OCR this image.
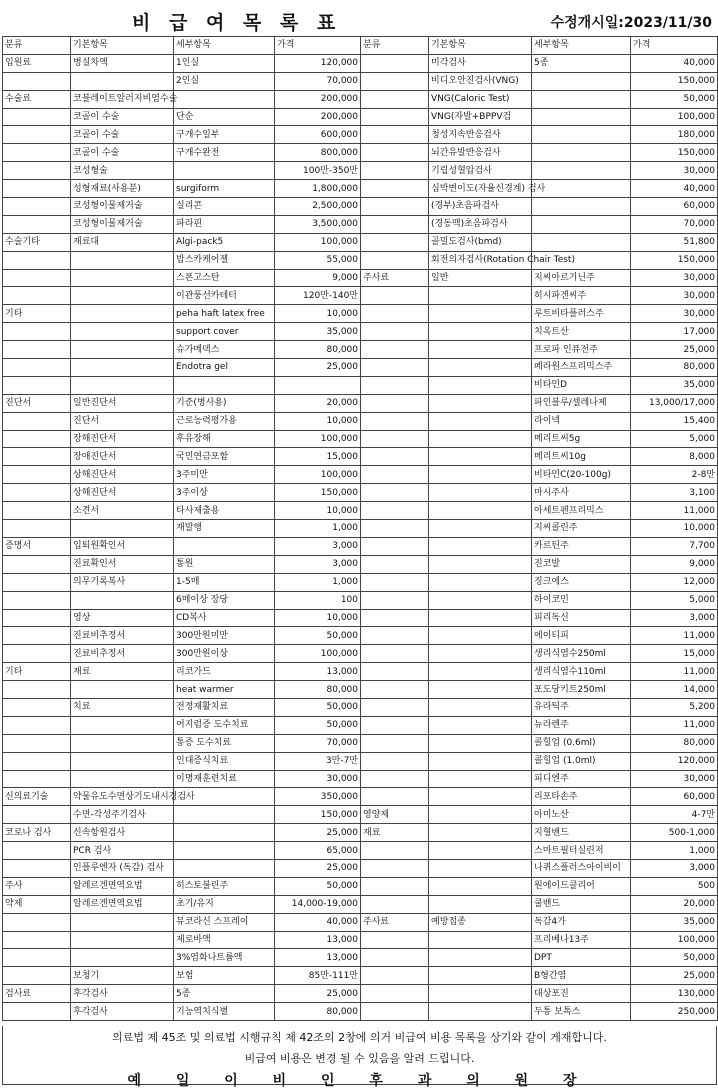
비 급 여 목 록 표	수정개시일:2023/11/30
분류	기본항목	세부항목	가격	분류	기본항목	세부항목	가격
입원료	병실차액	1인실	120,000		미각검사	5종	40,000
		2인실	70,000		비디오안진검사(VNG)		150,000
수술료	코블레이트알러지비염수술		200,000		VNG(Caloric Test)		50,000
	코골이 수술	단순	200,000		VNG(자발+BPPV검		100,000
	코골이 수술	구개수일부	600,000		청성지속반응검사		180,000
	코골이 수술	구개수완전	800,000		뇌간유발반응검사		150,000
	코성형술		100만-350만		기립성혈압검사		30,000
	성형재료(사용분)	surgiform	1,800,000		심박변이도(자율신경계) 검사		40,000
	코성형이물제거술	실리콘	2,500,000		(경부)초음파검사		60,000
	코성형이물제거술	파라핀	3,500,000		(경동맥)초음파검사		70,000
수술기타	재료대	Algi-pack5	100,000		골밀도검사(bmd)		51,800
		밥스카케어젤	55,000		회전의자검사(Rotation Chair Test)		150,000
		스폰고스탄	9,000	주사료	일반	지씨아르기닌주	30,000
		이관풍선카테터	120만-140만			히시파겐씨주	30,000
기타		peha haft latex free	10,000			루트비타플러스주	30,000
		support cover	35,000			치옥트산	17,000
		슈가메덱스	80,000			프로파 인퓨전주	25,000
		Endotra gel	25,000			페라원스프리믹스주	80,000
						비타민D	35,000
진단서	일반진단서	기준(병사용)	20,000			파인블루/셀레나제	13,000/17,000
	진단서	근로능력평가용	10,000			라이넥	15,400
	장해진단서	후유장해	100,000			메리트씨5g	5,000
	장애진단서	국민연금포함	15,000			메리트씨10g	8,000
	상해진단서	3주미만	100,000			비타민C(20-100g)	2-8만
	상해진단서	3주이상	150,000			마시주사	3,100
	소견서	타사제출용	10,000			아세트펜프리믹스	11,000
		재발행	1,000			지씨콜린주	10,000
증명서	입퇴원확인서		3,000			카르틴주	7,700
	진료확인서	통원	3,000			진코발	9,000
	의무기록복사	1-5매	1,000			징크에스	12,000
		6매이상 장당	100			하이코민	5,000
	영상	CD복사	10,000			피리독신	3,000
	진료비추정서	300만원미만	50,000			에이티피	11,000
	진료비추정서	300만원이상	100,000			생리식염수250ml	15,000
기타	재료	리코가드	13,000			생리식염수110ml	11,000
		heat warmer	80,000			포도당키트250ml	14,000
	치료	전정재활치료	50,000			유라틱주	5,200
		어지럼증 도수치료	50,000			뉴라렌주	11,000
		통증 도수치료	70,000			콜힐업 (0.6ml)	80,000
		인대증식치료	3만-7만			콜힐업 (1.0ml)	120,000
		이명재훈련치료	30,000			피디엔주	30,000
신의료기술	약물유도수면상기도내시경검사		350,000			리포타손주	60,000
	수면-각성주기검사		150,000	영양제		아미노산	4-7만
코로나 검사	신속항원검사		25,000	재료		지혈밴드	500-1,000
	PCR 검사		65,000			스마트필터실린저	1,000
	인플루엔자 (독감) 검사		25,000			나퀴스플러스아이비이	3,000
주사	알레르겐면역요법	히스토불린주	50,000			원에이드클리어	500
약제	알레르겐면역요법	초기/유지	14,000-19,000			쿨밴드	20,000
		뮤코라신 스프레이	40,000	주사료	예방접종	독감4가	35,000
		제로바액	13,000			프리베나13주	100,000
		3%염화나트륨액	13,000			DPT	50,000
	보청기	보험	85만-111만			B형간염	25,000
검사료	후각검사	5종	25,000			대상포진	130,000
	후각검사	기능역치식별	80,000			두통 보톡스	250,000
의료법 제 45조 및 의료법 시행규칙 제 42조의 2창에 의거 비급여 비용 목록을 상기와 같이 게재합니다.
비급여 비용은 변경 될 수 있음을 알려 드립니다.
예 일 이 비 인 후 과 의 원 장
